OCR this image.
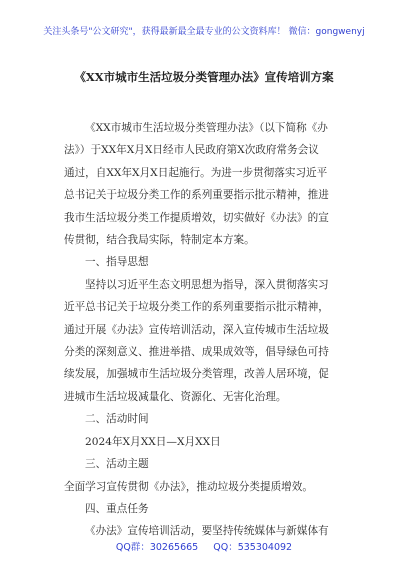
关注头条号"公文研究"，获得最新最全最专业的公文资料库！ 微信：gongwenyj
《XX市城市生活垃圾分类管理办法》宣传培训方案
《XX市城市生活垃圾分类管理办法》（以下简称《办
法》）于XX年X月X日经市人民政府第X次政府常务会议
通过，自XX年X月X日起施行。为进一步贯彻落实习近平
总书记关于垃圾分类工作的系列重要指示批示精神，推进
我市生活垃圾分类工作提质增效，切实做好《办法》的宣
传贯彻，结合我局实际，特制定本方案。
一、指导思想
坚持以习近平生态文明思想为指导，深入贯彻落实习
近平总书记关于垃圾分类工作的系列重要指示批示精神，
通过开展《办法》宣传培训活动，深入宣传城市生活垃圾
分类的深刻意义、推进举措、成果成效等，倡导绿色可持
续发展，加强城市生活垃圾分类管理，改善人居环境，促
进城市生活垃圾减量化、资源化、无害化治理。
二、活动时间
2024年X月XX日—X月XX日
三、活动主题
全面学习宣传贯彻《办法》，推动垃圾分类提质增效。
四、重点任务
《办法》宣传培训活动，要坚持传统媒体与新媒体有
QQ群：30265665 QQ：535304092
